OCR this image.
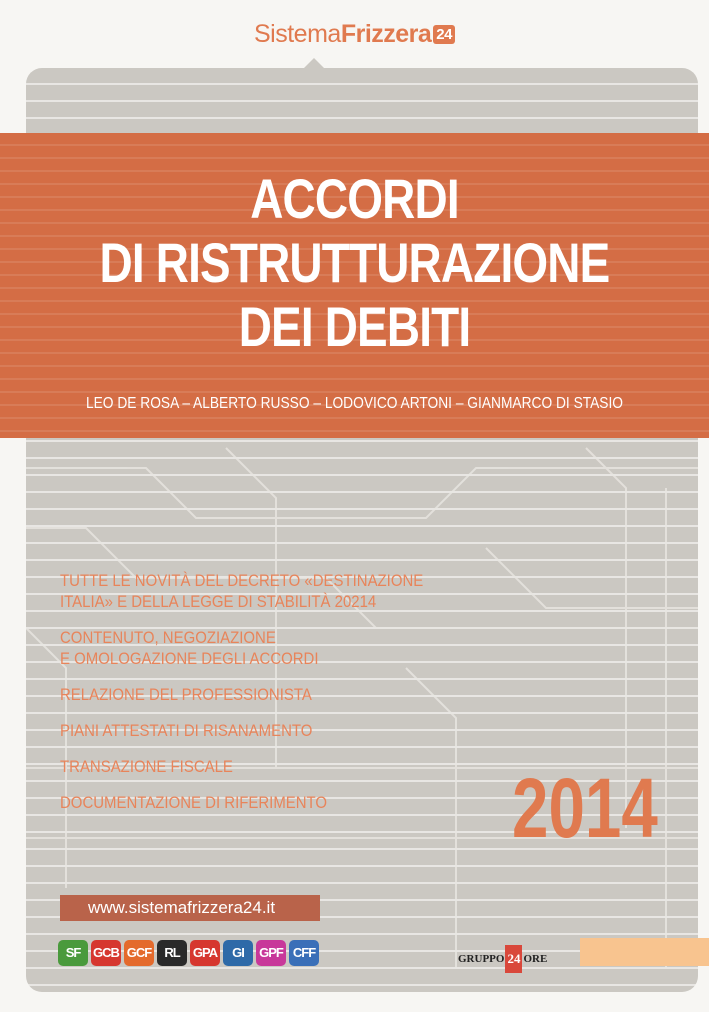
SistemaFrizzera 24
ACCORDI
DI RISTRUTTURAZIONE
DEI DEBITI
LEO DE ROSA – ALBERTO RUSSO – LODOVICO ARTONI – GIANMARCO DI STASIO
TUTTE LE NOVITÀ DEL DECRETO «DESTINAZIONE
ITALIA» E DELLA LEGGE DI STABILITÀ 20214
CONTENUTO, NEGOZIAZIONE
E OMOLOGAZIONE DEGLI ACCORDI
RELAZIONE DEL PROFESSIONISTA
PIANI ATTESTATI DI RISANAMENTO
TRANSAZIONE FISCALE
DOCUMENTAZIONE DI RIFERIMENTO	2014
www.sistemafrizzera24.it
SF GCB GCF	RL	GPA	GI	GPF CFF	GRUPPO 24 ORE
